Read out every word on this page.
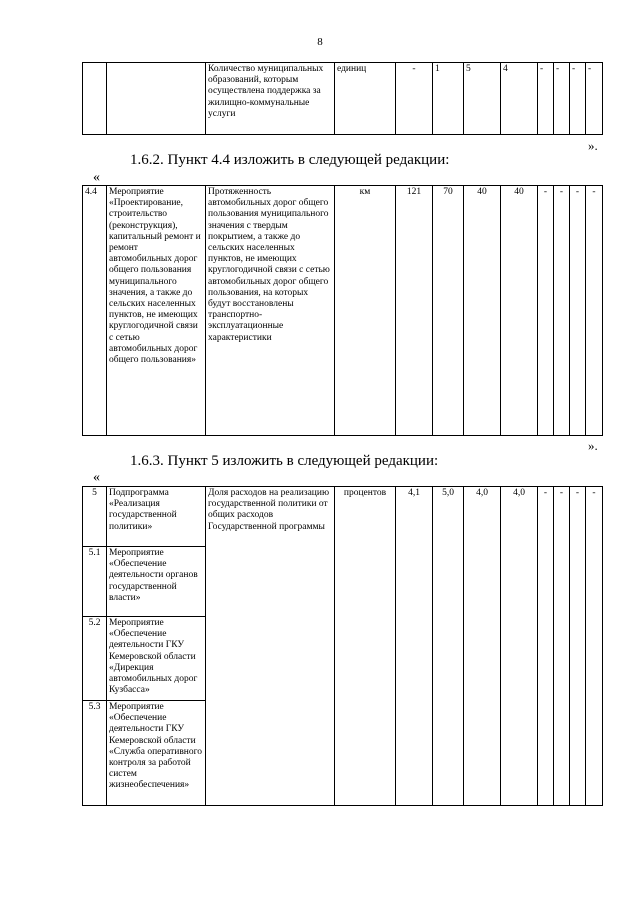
8
		Количество муниципальных образований, которым осуществлена поддержка за жилищно-коммунальные услуги	единиц	-	1	5	4	-	-	-	-
».
1.6.2. Пункт 4.4 изложить в следующей редакции:
«
4.4	Мероприятие «Проектирование, строительство (реконструкция), капитальный ремонт и ремонт автомобильных дорог общего пользования муниципального значения, а также до сельских населенных пунктов, не имеющих круглогодичной связи с сетью автомобильных дорог общего пользования»	Протяженность автомобильных дорог общего пользования муниципального значения с твердым покрытием, а также до сельских населенных пунктов, не имеющих круглогодичной связи с сетью автомобильных дорог общего пользования, на которых будут восстановлены транспортно-эксплуатационные характеристики	км	121	70	40	40	-	-	-	-
».
1.6.3. Пункт 5 изложить в следующей редакции:
«
5	Подпрограмма «Реализация государственной политики»	Доля расходов на реализацию государственной политики от общих расходов Государственной программы	процентов	4,1	5,0	4,0	4,0	-	-	-	-
5.1	Мероприятие «Обеспечение деятельности органов государственной власти»										
5.2	Мероприятие «Обеспечение деятельности ГКУ Кемеровской области «Дирекция автомобильных дорог Кузбасса»										
5.3	Мероприятие «Обеспечение деятельности ГКУ Кемеровской области «Служба оперативного контроля за работой систем жизнеобеспечения»										
